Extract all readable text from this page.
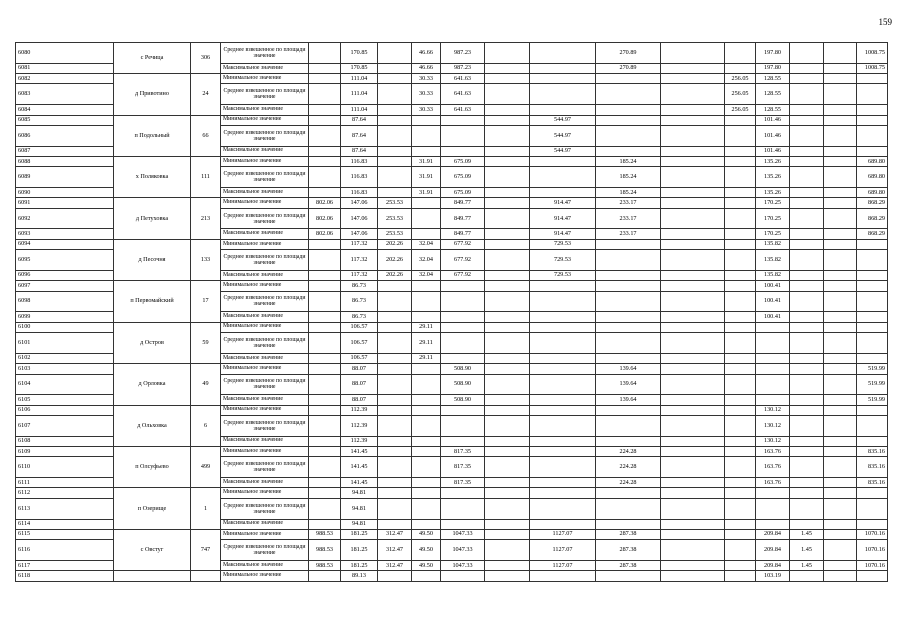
159
6080	с Речица	306	Среднее взвешенное по площади значение		170.85		46.66	987.23			270.89			197.80			1008.75
6081			Максимальное значение		170.85		46.66	987.23			270.89			197.80			1008.75
6082	д Привотино	24	Минимальное значение		111.04		30.33	641.63					256.05	128.55			
6083			Среднее взвешенное по площади значение		111.04		30.33	641.63					256.05	128.55			
6084			Максимальное значение		111.04		30.33	641.63					256.05	128.55			
6085	п Подольный	66	Минимальное значение		87.64					544.97				101.46			
6086			Среднее взвешенное по площади значение		87.64					544.97				101.46			
6087			Максимальное значение		87.64					544.97				101.46			
6088	х Поляковка	111	Минимальное значение		116.83		31.91	675.09			185.24			135.26			689.80
6089			Среднее взвешенное по площади значение		116.83		31.91	675.09			185.24			135.26			689.80
6090			Максимальное значение		116.83		31.91	675.09			185.24			135.26			689.80
6091	д Петуховка	213	Минимальное значение	802.06	147.06	253.53		849.77		914.47	233.17			170.25			868.29
6092			Среднее взвешенное по площади значение	802.06	147.06	253.53		849.77		914.47	233.17			170.25			868.29
6093			Максимальное значение	802.06	147.06	253.53		849.77		914.47	233.17			170.25			868.29
6094	д Песочня	133	Минимальное значение		117.32	202.26	32.04	677.92		729.53				135.82			
6095			Среднее взвешенное по площади значение		117.32	202.26	32.04	677.92		729.53				135.82			
6096			Максимальное значение		117.32	202.26	32.04	677.92		729.53				135.82			
6097	п Первомайский	17	Минимальное значение		86.73									100.41			
6098			Среднее взвешенное по площади значение		86.73									100.41			
6099			Максимальное значение		86.73									100.41			
6100	д Остров	59	Минимальное значение		106.57		29.11										
6101			Среднее взвешенное по площади значение		106.57		29.11										
6102			Максимальное значение		106.57		29.11										
6103	д Орловка	49	Минимальное значение		88.07			508.90			139.64						519.99
6104			Среднее взвешенное по площади значение		88.07			508.90			139.64						519.99
6105			Максимальное значение		88.07			508.90			139.64						519.99
6106	д Ольховка	6	Минимальное значение		112.39									130.12			
6107			Среднее взвешенное по площади значение		112.39									130.12			
6108			Максимальное значение		112.39									130.12			
6109	п Олсуфьево	499	Минимальное значение		141.45			817.35			224.28			163.76			835.16
6110			Среднее взвешенное по площади значение		141.45			817.35			224.28			163.76			835.16
6111			Максимальное значение		141.45			817.35			224.28			163.76			835.16
6112	п Озерище	1	Минимальное значение		94.81												
6113			Среднее взвешенное по площади значение		94.81												
6114			Максимальное значение		94.81												
6115	с Овстуг	747	Минимальное значение	988.53	181.25	312.47	49.50	1047.33		1127.07	287.38			209.84	1.45		1070.16
6116			Среднее взвешенное по площади значение	988.53	181.25	312.47	49.50	1047.33		1127.07	287.38			209.84	1.45		1070.16
6117			Максимальное значение	988.53	181.25	312.47	49.50	1047.33		1127.07	287.38			209.84	1.45		1070.16
6118			Минимальное значение		89.13									103.19			
